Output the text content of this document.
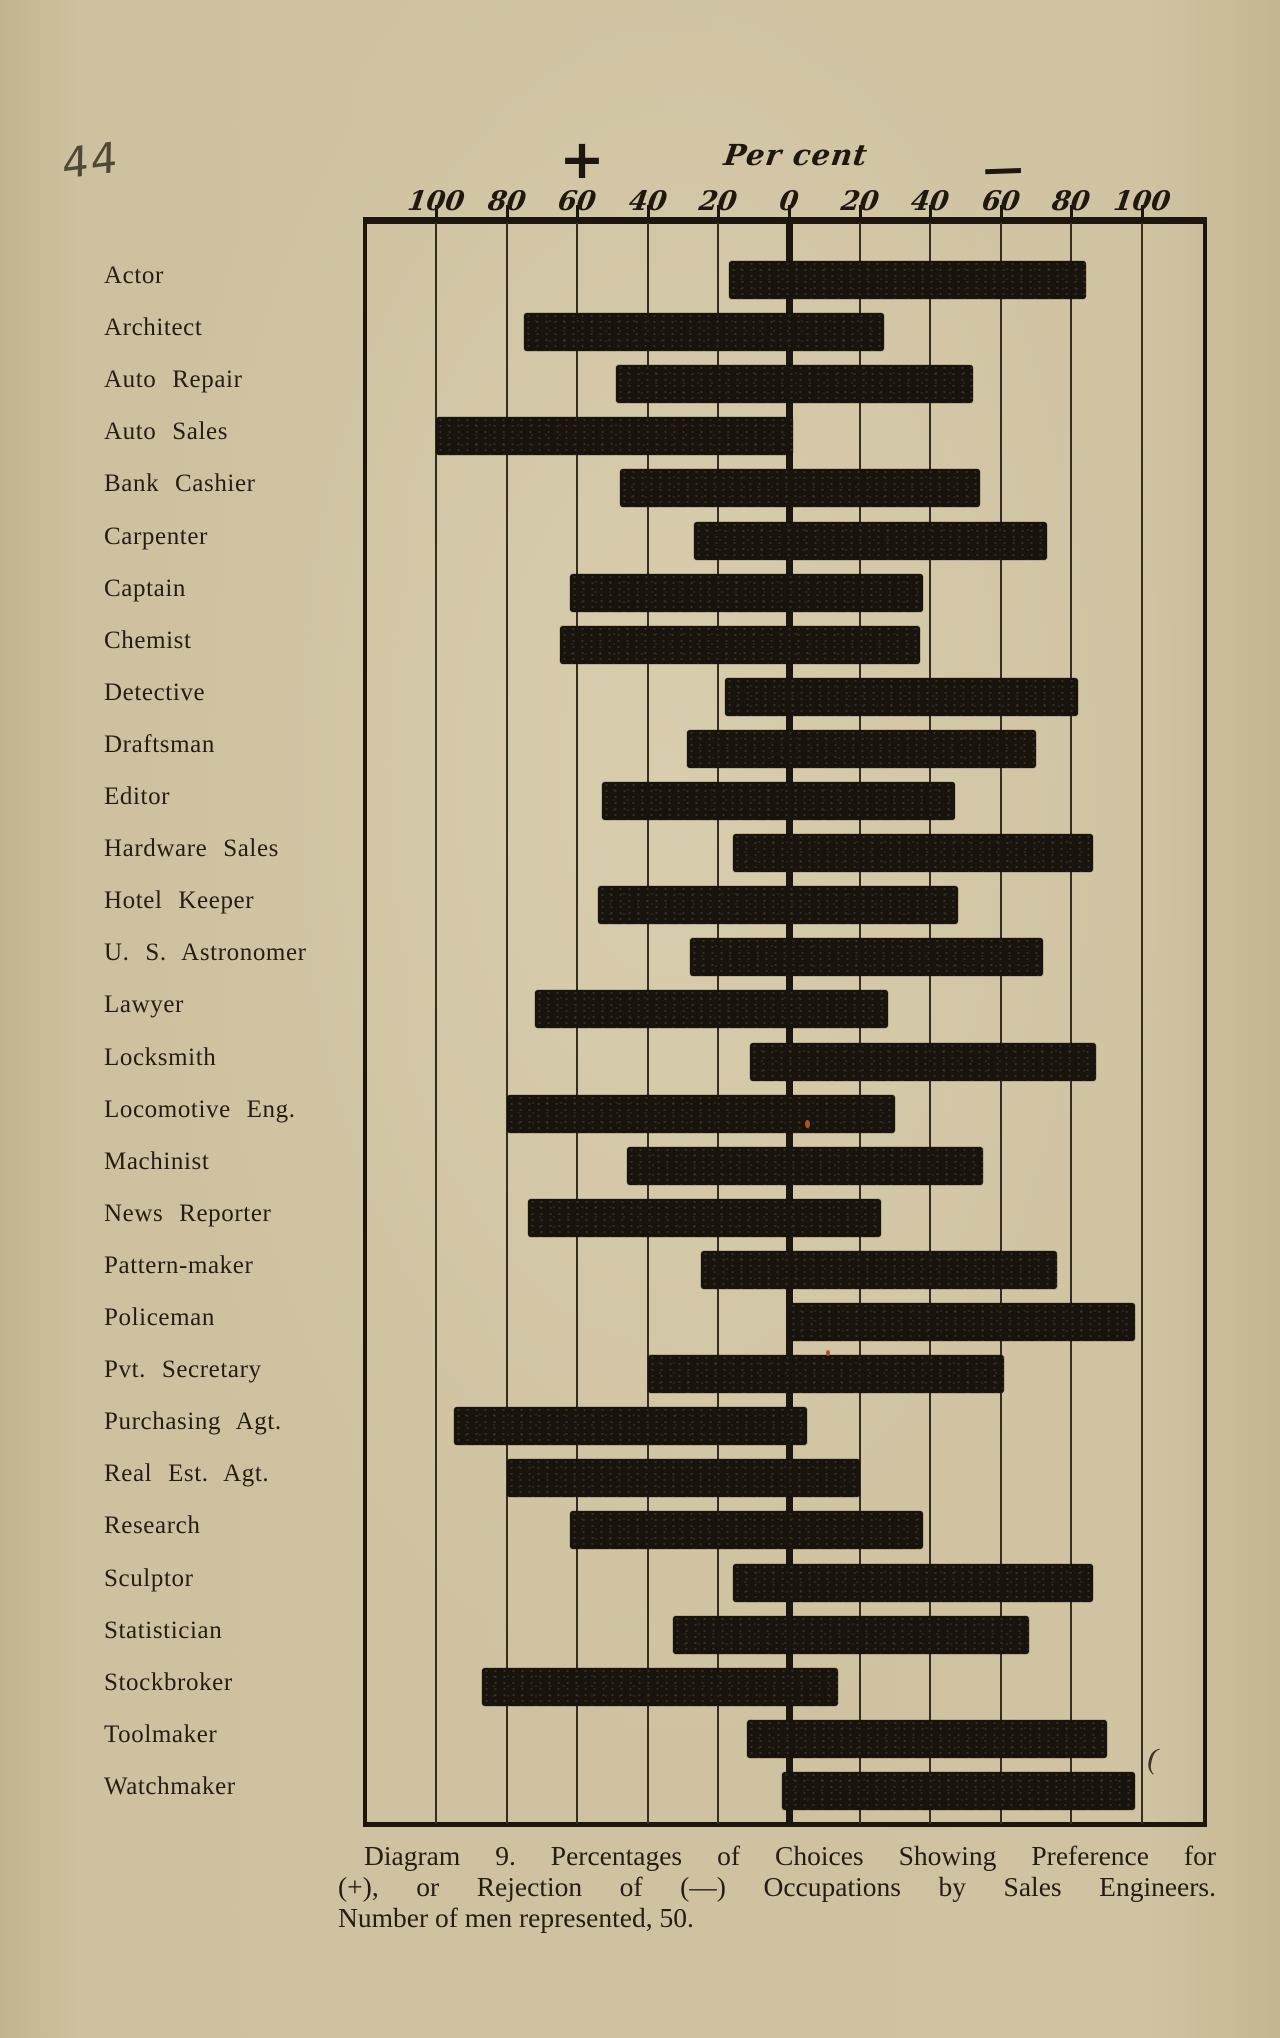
44	+	Per cent	—
100 80	60	40	20	0	20	40	60	80 100
Actor
Architect
Auto Repair
Auto Sales
Bank Cashier
Carpenter
Captain
Chemist
Detective
Draftsman
Editor
Hardware Sales
Hotel Keeper
U. S. Astronomer
Lawyer
Locksmith
Locomotive Eng.
Machinist
News Reporter
Pattern-maker
Policeman
Pvt. Secretary
Purchasing Agt.
Real Est. Agt.
Research
Sculptor
Statistician
Stockbroker
Toolmaker
Watchmaker
Diagram 9. Percentages of Choices Showing Preference for
(+), or Rejection of (—) Occupations by Sales Engineers.
Number of men represented, 50.
(
